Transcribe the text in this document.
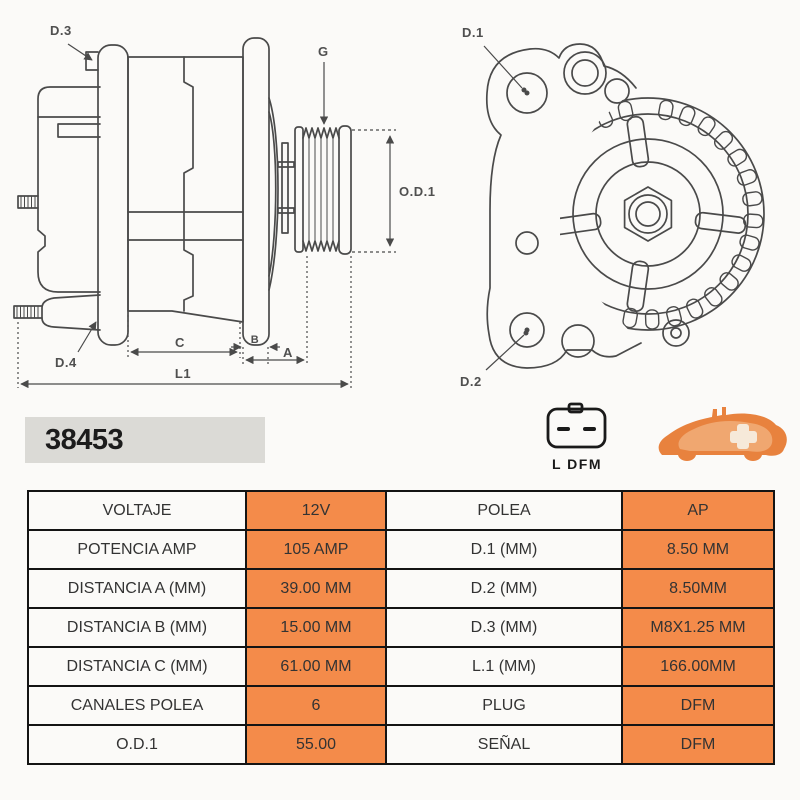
D.3
D.4
G
O.D.1
C	B
A
L1
D.1
D.2
38453
L DFM
VOLTAJE	12V	POLEA	AP
POTENCIA AMP	105 AMP	D.1 (MM)	8.50 MM
DISTANCIA A (MM)	39.00 MM	D.2 (MM)	8.50MM
DISTANCIA B (MM)	15.00 MM	D.3 (MM)	M8X1.25 MM
DISTANCIA C (MM)	61.00 MM	L.1 (MM)	166.00MM
CANALES POLEA	6	PLUG	DFM
O.D.1	55.00	SEÑAL	DFM
